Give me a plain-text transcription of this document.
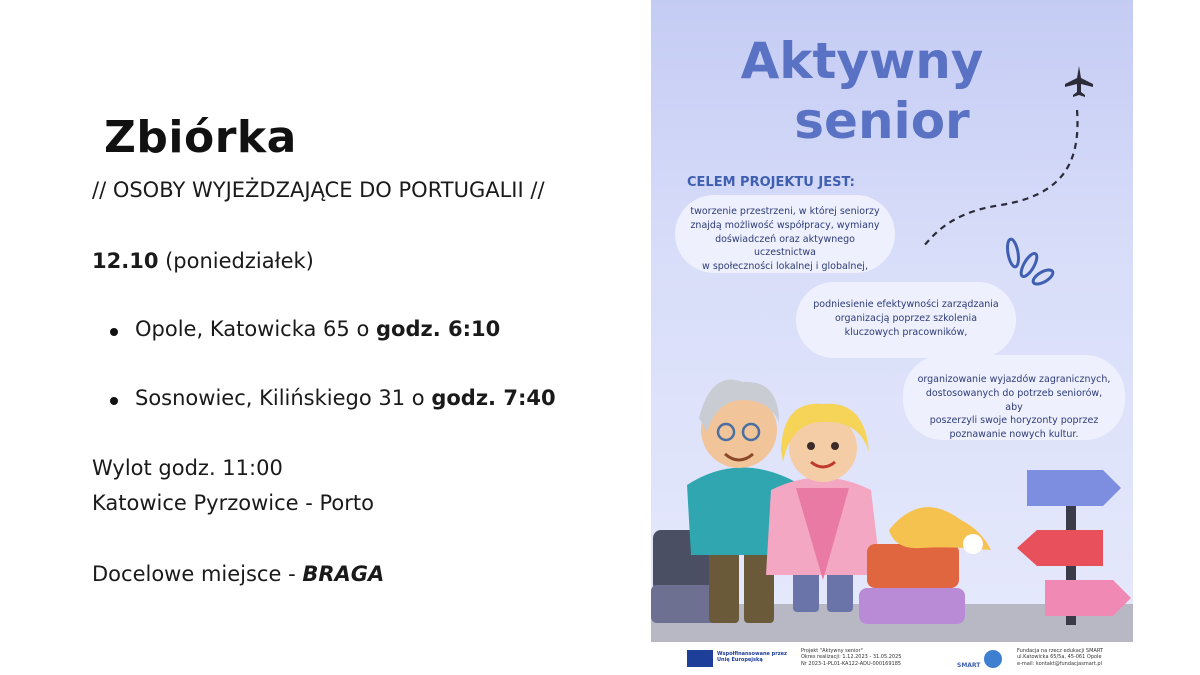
Zbiórka
// OSOBY WYJEŻDZAJĄCE DO PORTUGALII //
12.10 (poniedziałek)
Opole, Katowicka 65 o godz. 6:10
Sosnowiec, Kilińskiego 31 o godz. 7:40
Wylot godz. 11:00
Katowice Pyrzowice - Porto
Docelowe miejsce - BRAGA
Aktywny
senior
CELEM PROJEKTU JEST:
tworzenie przestrzeni, w której seniorzy
znajdą możliwość współpracy, wymiany
doświadczeń oraz aktywnego uczestnictwa
w społeczności lokalnej i globalnej,
podniesienie efektywności zarządzania
organizacją poprzez szkolenia
kluczowych pracowników,
organizowanie wyjazdów zagranicznych,
dostosowanych do potrzeb seniorów, aby
poszerzyli swoje horyzonty poprzez
poznawanie nowych kultur.
Współfinansowane przez
Unię Europejską
Projekt "Aktywny senior"
Okres realizacji: 1.12.2023 - 31.05.2025
Nr 2023-1-PL01-KA122-ADU-000169185	SMART
Fundacja na rzecz edukacji SMART
ul.Katowicka 65/5a, 45-061 Opole
e-mail: kontakt@fundacjasmart.pl
